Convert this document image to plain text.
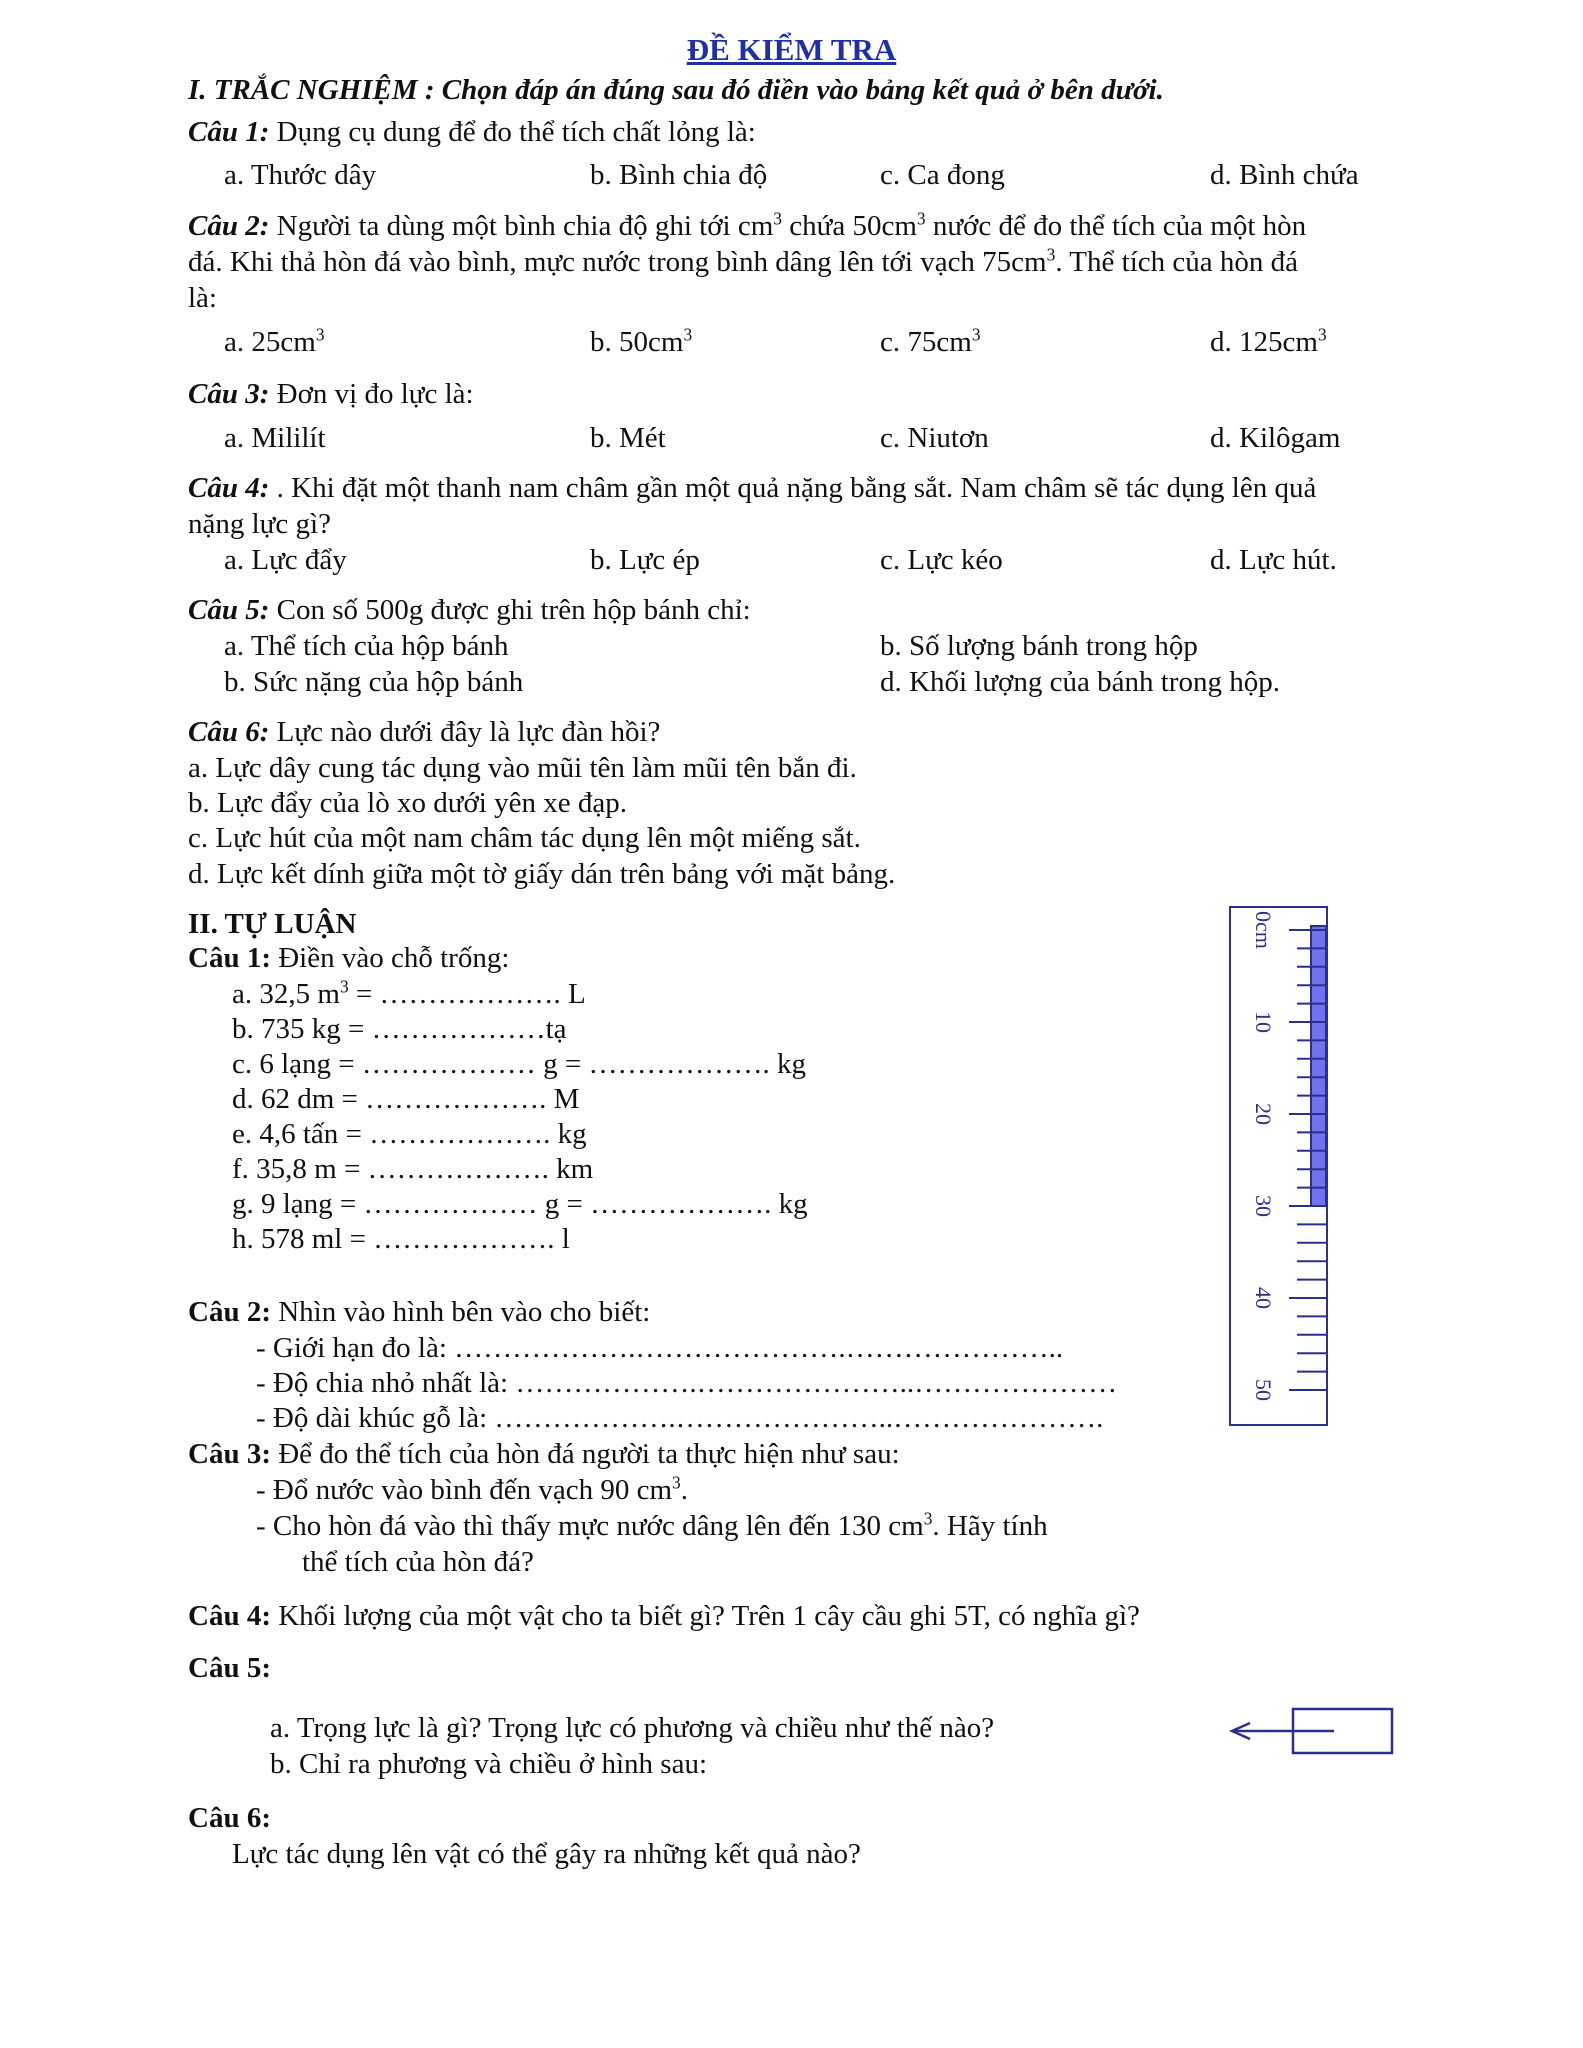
ĐỀ KIỂM TRA
I. TRẮC NGHIỆM : Chọn đáp án đúng sau đó điền vào bảng kết quả ở bên dưới.
Câu 1: Dụng cụ dung để đo thể tích chất lỏng là:
a. Thước dây	b. Bình chia độ	c. Ca đong	d. Bình chứa
Câu 2: Người ta dùng một bình chia độ ghi tới $cm^3$ chứa $50cm^3$ nước để đo thể tích của một hòn
đá. Khi thả hòn đá vào bình, mực nước trong bình dâng lên tới vạch $75cm^3$. Thể tích của hòn đá
là:
a. $25cm^3$	b. $50cm^3$	c. $75cm^3$	d. $125cm^3$
Câu 3: Đơn vị đo lực là:
a. Mililít	b. Mét	c. Niutơn	d. Kilôgam
Câu 4: . Khi đặt một thanh nam châm gần một quả nặng bằng sắt. Nam châm sẽ tác dụng lên quả
nặng lực gì?
a. Lực đẩy	b. Lực ép	c. Lực kéo	d. Lực hút.
Câu 5: Con số 500g được ghi trên hộp bánh chỉ:
a. Thể tích của hộp bánh	b. Số lượng bánh trong hộp
b. Sức nặng của hộp bánh	d. Khối lượng của bánh trong hộp.
Câu 6: Lực nào dưới đây là lực đàn hồi?
a. Lực dây cung tác dụng vào mũi tên làm mũi tên bắn đi.
b. Lực đẩy của lò xo dưới yên xe đạp.
c. Lực hút của một nam châm tác dụng lên một miếng sắt.
d. Lực kết dính giữa một tờ giấy dán trên bảng với mặt bảng.
II. TỰ LUẬN
Câu 1: Điền vào chỗ trống:
a. 32,5 $m^3$ = ………………. L
b. 735 kg = ………………tạ
c. 6 lạng = ……………… g = ………………. kg
d. 62 dm = ………………. M
e. 4,6 tấn = ………………. kg
f. 35,8 m = ………………. km
g. 9 lạng = ……………… g = ………………. kg
h. 578 ml = ………………. l
Câu 2: Nhìn vào hình bên vào cho biết:
- Giới hạn đo là: ……………….………………….…………………..
- Độ chia nhỏ nhất là: ……………….…………………..…………………
- Độ dài khúc gỗ là: ……………….…………………..………………….
Câu 3: Để đo thể tích của hòn đá người ta thực hiện như sau:
- Đổ nước vào bình đến vạch 90 $cm^3$.
- Cho hòn đá vào thì thấy mực nước dâng lên đến 130 $cm^3$. Hãy tính
thể tích của hòn đá?
Câu 4: Khối lượng của một vật cho ta biết gì? Trên 1 cây cầu ghi 5T, có nghĩa gì?
Câu 5:
a. Trọng lực là gì? Trọng lực có phương và chiều như thế nào?
b. Chỉ ra phương và chiều ở hình sau:
Câu 6:
Lực tác dụng lên vật có thể gây ra những kết quả nào?
0cm
10
20
30
40
50
